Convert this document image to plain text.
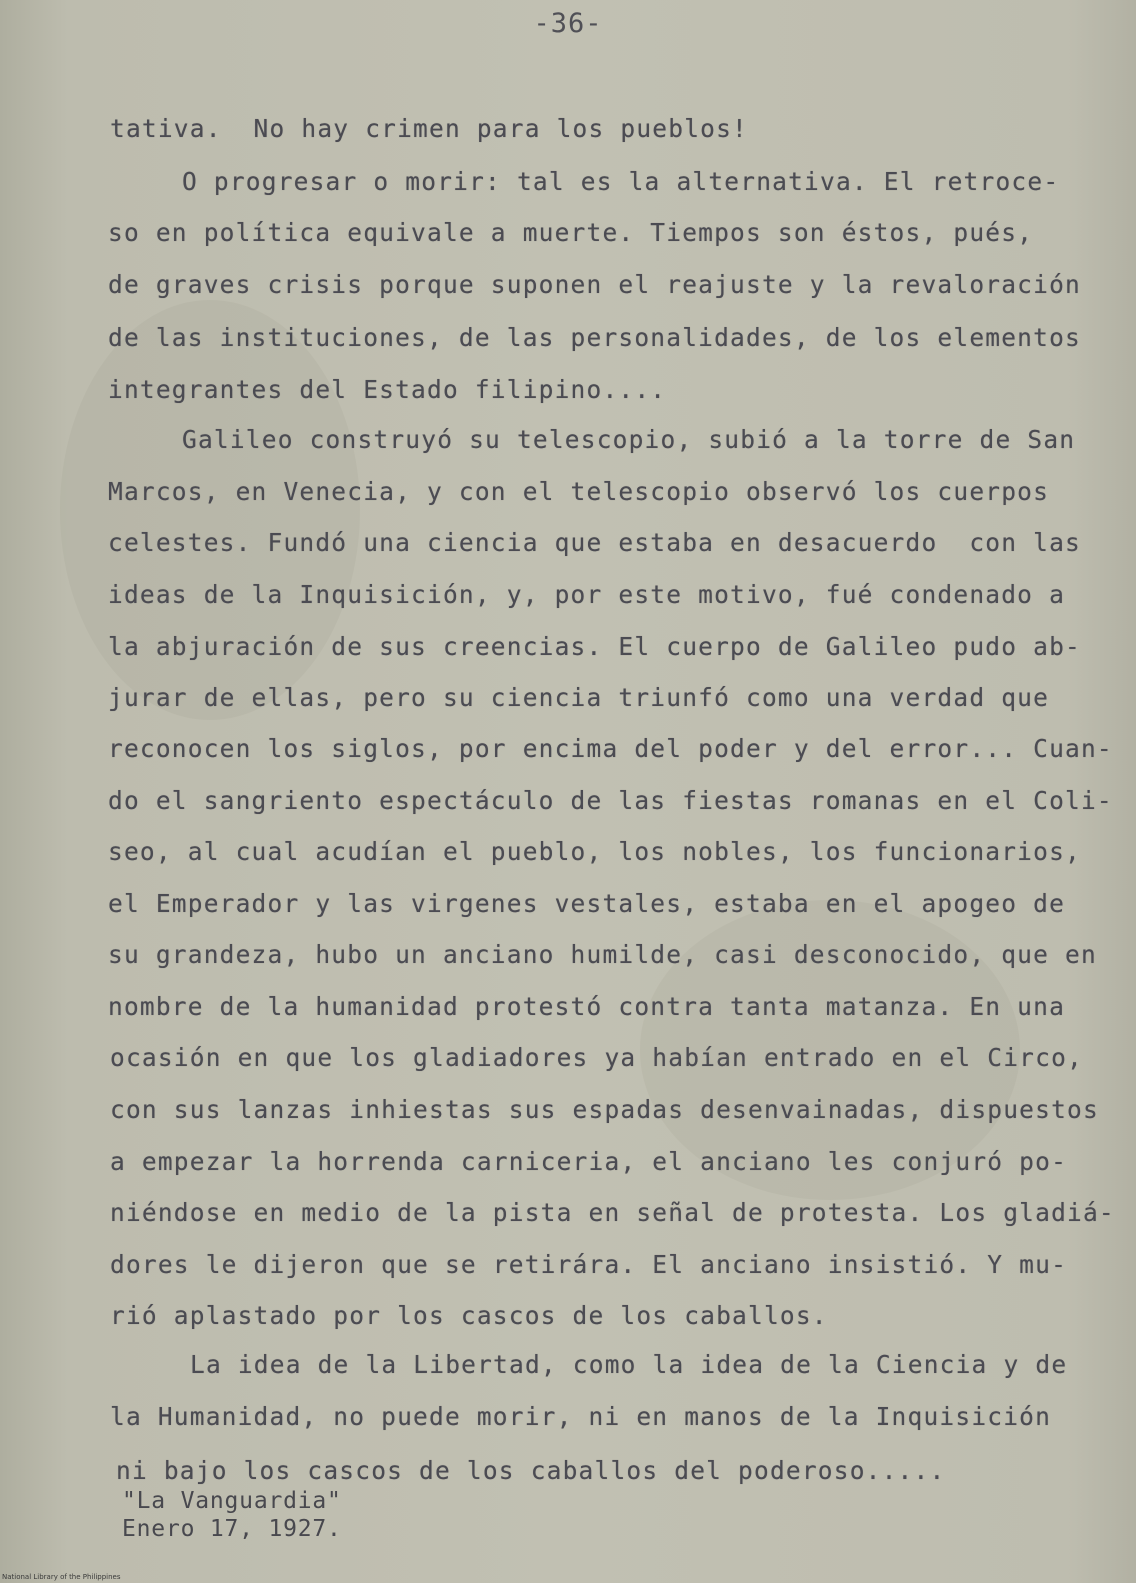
-36-
tativa.  No hay crimen para los pueblos!
O progresar o morir: tal es la alternativa. El retroce-
so en política equivale a muerte. Tiempos son éstos, pués,
de graves crisis porque suponen el reajuste y la revaloración
de las instituciones, de las personalidades, de los elementos
integrantes del Estado filipino....
Galileo construyó su telescopio, subió a la torre de San
Marcos, en Venecia, y con el telescopio observó los cuerpos
celestes. Fundó una ciencia que estaba en desacuerdo  con las
ideas de la Inquisición, y, por este motivo, fué condenado a
la abjuración de sus creencias. El cuerpo de Galileo pudo ab-
jurar de ellas, pero su ciencia triunfó como una verdad que
reconocen los siglos, por encima del poder y del error... Cuan-
do el sangriento espectáculo de las fiestas romanas en el Coli-
seo, al cual acudían el pueblo, los nobles, los funcionarios,
el Emperador y las virgenes vestales, estaba en el apogeo de
su grandeza, hubo un anciano humilde, casi desconocido, que en
nombre de la humanidad protestó contra tanta matanza. En una
ocasión en que los gladiadores ya habían entrado en el Circo,
con sus lanzas inhiestas sus espadas desenvainadas, dispuestos
a empezar la horrenda carniceria, el anciano les conjuró po-
niéndose en medio de la pista en señal de protesta. Los gladiá-
dores le dijeron que se retirára. El anciano insistió. Y mu-
rió aplastado por los cascos de los caballos.
La idea de la Libertad, como la idea de la Ciencia y de
la Humanidad, no puede morir, ni en manos de la Inquisición
ni bajo los cascos de los caballos del poderoso.....
"La Vanguardia"
Enero 17, 1927.
National Library of the Philippines
